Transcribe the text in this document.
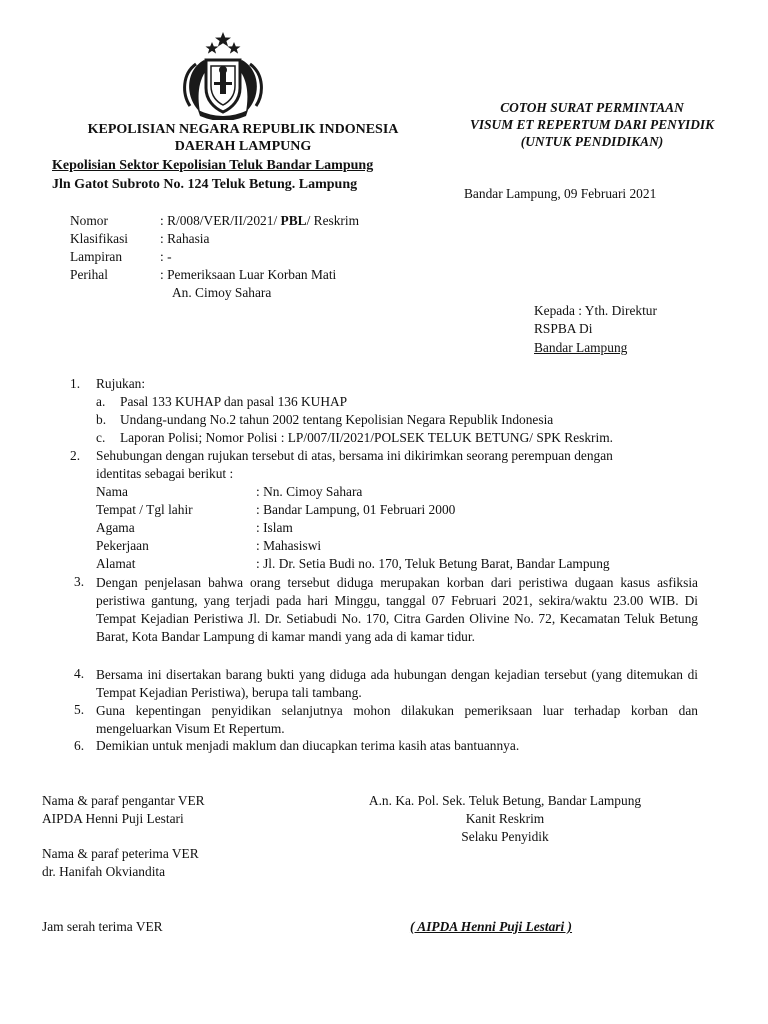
KEPOLISIAN NEGARA REPUBLIK INDONESIA
DAERAH LAMPUNG
Kepolisian Sektor Kepolisian Teluk Bandar Lampung
Jln Gatot Subroto No. 124 Teluk Betung. Lampung
COTOH SURAT PERMINTAAN
VISUM ET REPERTUM DARI PENYIDIK
(UNTUK PENDIDIKAN)
Bandar Lampung, 09 Februari 2021
Nomor	: R/008/VER/II/2021/ PBL/ Reskrim
Klasifikasi : Rahasia
Lampiran	: -
Perihal	: Pemeriksaan Luar Korban Mati
An. Cimoy Sahara
Kepada : Yth. Direktur
RSPBA Di
Bandar Lampung
1. Rujukan:
a. Pasal 133 KUHAP dan pasal 136 KUHAP
b. Undang-undang No.2 tahun 2002 tentang Kepolisian Negara Republik Indonesia
c. Laporan Polisi; Nomor Polisi : LP/007/II/2021/POLSEK TELUK BETUNG/ SPK Reskrim.
2. Sehubungan dengan rujukan tersebut di atas, bersama ini dikirimkan seorang perempuan dengan
identitas sebagai berikut :
Nama	: Nn. Cimoy Sahara
Tempat / Tgl lahir	: Bandar Lampung, 01 Februari 2000
Agama	: Islam
Pekerjaan	: Mahasiswi
Alamat	: Jl. Dr. Setia Budi no. 170, Teluk Betung Barat, Bandar Lampung
3. Dengan penjelasan bahwa orang tersebut diduga merupakan korban dari peristiwa dugaan kasus asfiksia peristiwa gantung, yang terjadi pada hari Minggu, tanggal 07 Februari 2021, sekira/waktu 23.00 WIB. Di Tempat Kejadian Peristiwa Jl. Dr. Setiabudi No. 170, Citra Garden Olivine No. 72, Kecamatan Teluk Betung Barat, Kota Bandar Lampung di kamar mandi yang ada di kamar tidur.
4. Bersama ini disertakan barang bukti yang diduga ada hubungan dengan kejadian tersebut (yang ditemukan di Tempat Kejadian Peristiwa), berupa tali tambang.
5. Guna kepentingan penyidikan selanjutnya mohon dilakukan pemeriksaan luar terhadap korban dan mengeluarkan Visum Et Repertum.
6. Demikian untuk menjadi maklum dan diucapkan terima kasih atas bantuannya.
Nama & paraf pengantar VER
AIPDA Henni Puji Lestari
Nama & paraf peterima VER
dr. Hanifah Okviandita
Jam serah terima VER
A.n. Ka. Pol. Sek. Teluk Betung, Bandar Lampung
Kanit Reskrim
Selaku Penyidik
( AIPDA Henni Puji Lestari )
